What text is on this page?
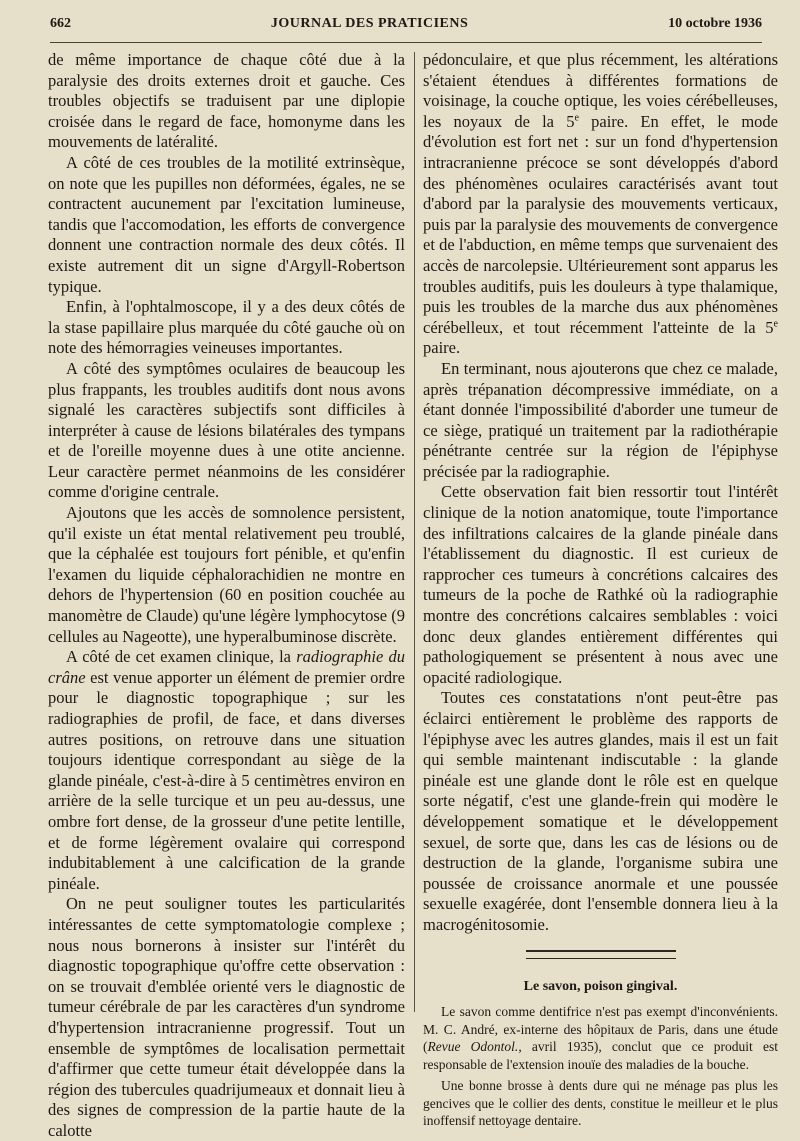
662	JOURNAL DES PRATICIENS	10 octobre 1936

de même importance de chaque côté due à la paralysie des droits externes droit et gauche. Ces troubles objectifs se traduisent par une diplopie croisée dans le regard de face, homonyme dans les mouvements de latéralité.

A côté de ces troubles de la motilité extrinsèque, on note que les pupilles non déformées, égales, ne se contractent aucunement par l'excitation lumineuse, tandis que l'accomodation, les efforts de convergence donnent une contraction normale des deux côtés. Il existe autrement dit un signe d'Argyll-Robertson typique.

Enfin, à l'ophtalmoscope, il y a des deux côtés de la stase papillaire plus marquée du côté gauche où on note des hémorragies veineuses importantes.

A côté des symptômes oculaires de beaucoup les plus frappants, les troubles auditifs dont nous avons signalé les caractères subjectifs sont difficiles à interpréter à cause de lésions bilatérales des tympans et de l'oreille moyenne dues à une otite ancienne. Leur caractère permet néanmoins de les considérer comme d'origine centrale.

Ajoutons que les accès de somnolence persistent, qu'il existe un état mental relativement peu troublé, que la céphalée est toujours fort pénible, et qu'enfin l'examen du liquide céphalorachidien ne montre en dehors de l'hypertension (60 en position couchée au manomètre de Claude) qu'une légère lymphocytose (9 cellules au Nageotte), une hyperalbuminose discrète.

A côté de cet examen clinique, la radiographie du crâne est venue apporter un élément de premier ordre pour le diagnostic topographique ; sur les radiographies de profil, de face, et dans diverses autres positions, on retrouve dans une situation toujours identique correspondant au siège de la glande pinéale, c'est-à-dire à 5 centimètres environ en arrière de la selle turcique et un peu au-dessus, une ombre fort dense, de la grosseur d'une petite lentille, et de forme légèrement ovalaire qui correspond indubitablement à une calcification de la grande pinéale.

On ne peut souligner toutes les particularités intéressantes de cette symptomatologie complexe ; nous nous bornerons à insister sur l'intérêt du diagnostic topographique qu'offre cette observation : on se trouvait d'emblée orienté vers le diagnostic de tumeur cérébrale de par les caractères d'un syndrome d'hypertension intracranienne progressif. Tout un ensemble de symptômes de localisation permettait d'affirmer que cette tumeur était développée dans la région des tubercules quadrijumeaux et donnait lieu à des signes de compression de la partie haute de la calotte

pédonculaire, et que plus récemment, les altérations s'étaient étendues à différentes formations de voisinage, la couche optique, les voies cérébelleuses, les noyaux de la 5e paire. En effet, le mode d'évolution est fort net : sur un fond d'hypertension intracranienne précoce se sont développés d'abord des phénomènes oculaires caractérisés avant tout d'abord par la paralysie des mouvements verticaux, puis par la paralysie des mouvements de convergence et de l'abduction, en même temps que survenaient des accès de narcolepsie. Ultérieurement sont apparus les troubles auditifs, puis les douleurs à type thalamique, puis les troubles de la marche dus aux phénomènes cérébelleux, et tout récemment l'atteinte de la 5e paire.

En terminant, nous ajouterons que chez ce malade, après trépanation décompressive immédiate, on a étant donnée l'impossibilité d'aborder une tumeur de ce siège, pratiqué un traitement par la radiothérapie pénétrante centrée sur la région de l'épiphyse précisée par la radiographie.

Cette observation fait bien ressortir tout l'intérêt clinique de la notion anatomique, toute l'importance des infiltrations calcaires de la glande pinéale dans l'établissement du diagnostic. Il est curieux de rapprocher ces tumeurs à concrétions calcaires des tumeurs de la poche de Rathké où la radiographie montre des concrétions calcaires semblables : voici donc deux glandes entièrement différentes qui pathologiquement se présentent à nous avec une opacité radiologique.

Toutes ces constatations n'ont peut-être pas éclairci entièrement le problème des rapports de l'épiphyse avec les autres glandes, mais il est un fait qui semble maintenant indiscutable : la glande pinéale est une glande dont le rôle est en quelque sorte négatif, c'est une glande-frein qui modère le développement somatique et le développement sexuel, de sorte que, dans les cas de lésions ou de destruction de la glande, l'organisme subira une poussée de croissance anormale et une poussée sexuelle exagérée, dont l'ensemble donnera lieu à la macrogénitosomie.

Le savon, poison gingival.

Le savon comme dentifrice n'est pas exempt d'inconvénients. M. C. André, ex-interne des hôpitaux de Paris, dans une étude (Revue Odontol., avril 1935), conclut que ce produit est responsable de l'extension inouïe des maladies de la bouche.

Une bonne brosse à dents dure qui ne ménage pas plus les gencives que le collier des dents, constitue le meilleur et le plus inoffensif nettoyage dentaire.
